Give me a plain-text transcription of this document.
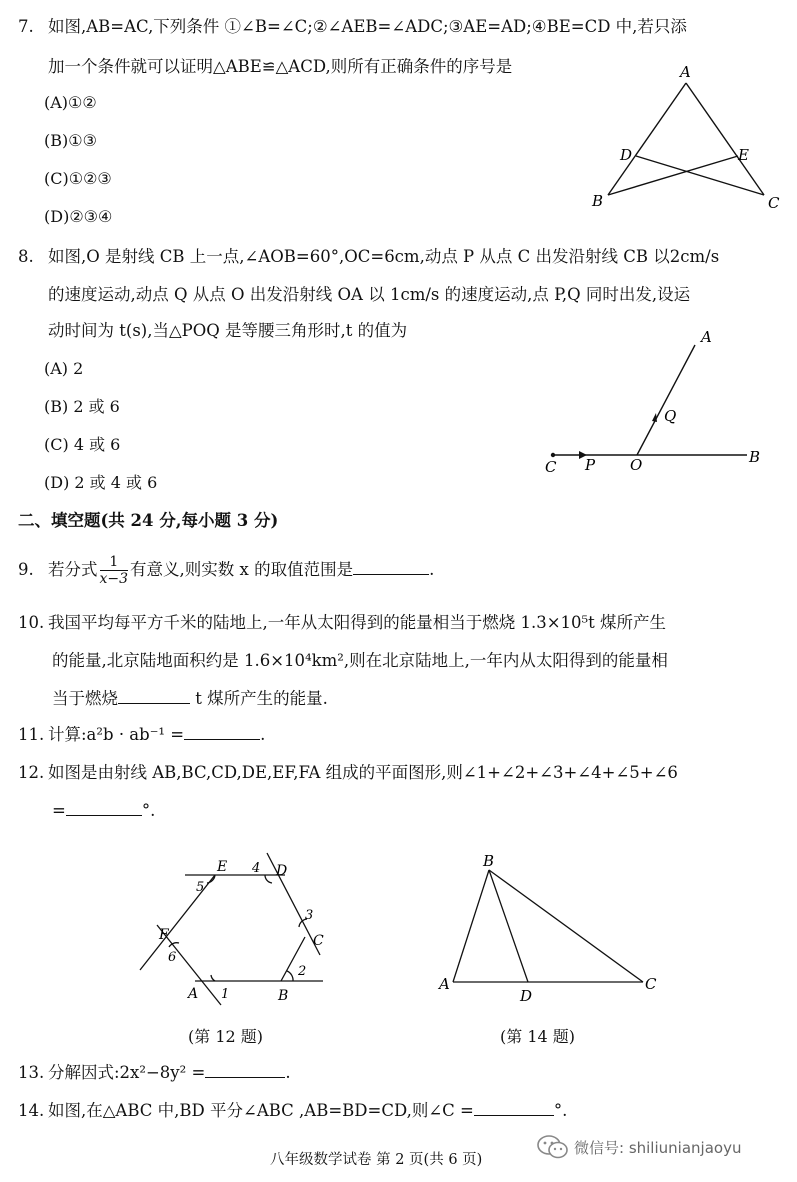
7. 如图,AB=AC,下列条件 ①∠B=∠C;②∠AEB=∠ADC;③AE=AD;④BE=CD 中,若只添
加一个条件就可以证明△ABE≌△ACD,则所有正确条件的序号是
(A)①②
(B)①③
(C)①②③
(D)②③④
A
B	C
D	E
8. 如图,O 是射线 CB 上一点,∠AOB=60°,OC=6cm,动点 P 从点 C 出发沿射线 CB 以2cm/s
的速度运动,动点 Q 从点 O 出发沿射线 OA 以 1cm/s 的速度运动,点 P,Q 同时出发,设运
动时间为 t(s),当△POQ 是等腰三角形时,t 的值为
(A) 2
(B) 2 或 6
(C) 4 或 6
(D) 2 或 4 或 6
A
B
C	O
P
Q
二、填空题(共 24 分,每小题 3 分)
9. 若分式 $\frac{1}{x-3}$ 有意义,则实数 x 的取值范围是	.
10. 我国平均每平方千米的陆地上,一年从太阳得到的能量相当于燃烧 1.3×10⁵t 煤所产生
的能量,北京陆地面积约是 1.6×10⁴km²,则在北京陆地上,一年内从太阳得到的能量相
当于燃烧	t 煤所产生的能量.
11. 计算:a²b · ab⁻¹ =	.
12. 如图是由射线 AB,BC,CD,DE,EF,FA 组成的平面图形,则∠1+∠2+∠3+∠4+∠5+∠6
=	°.
A	B
C
D
E
F
1
2
3
4
5
6
B
A	C
D
(第 12 题)	(第 14 题)
13. 分解因式:2x²−8y² =	.
14. 如图,在△ABC 中,BD 平分∠ABC ,AB=BD=CD,则∠C =	°.
八年级数学试卷 第 2 页(共 6 页)
微信号: shiliunianjaoyu
